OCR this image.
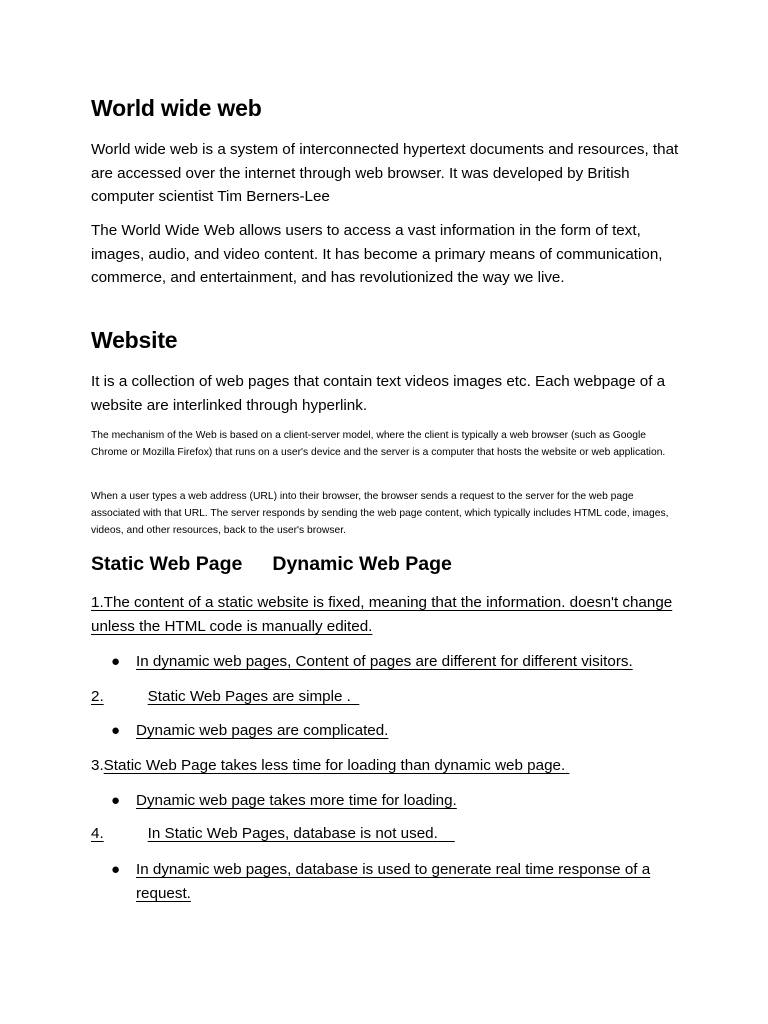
World wide web
World wide web is a system of interconnected hypertext documents and resources, that are accessed over the internet through web browser. It was developed by British computer scientist Tim Berners-Lee
The World Wide Web allows users to access a vast information in the form of text, images, audio, and video content. It has become a primary means of communication, commerce, and entertainment, and has revolutionized the way we live.
Website
It is a collection of web pages that contain text videos images etc. Each webpage of a website are interlinked through hyperlink.
The mechanism of the Web is based on a client-server model, where the client is typically a web browser (such as Google Chrome or Mozilla Firefox) that runs on a user's device and the server is a computer that hosts the website or web application.
When a user types a web address (URL) into their browser, the browser sends a request to the server for the web page associated with that URL. The server responds by sending the web page content, which typically includes HTML code, images, videos, and other resources, back to the user's browser.
Static Web Page Dynamic Web Page
1.The content of a static website is fixed, meaning that the information. doesn't change unless the HTML code is manually edited.
● In dynamic web pages, Content of pages are different for different visitors.
2.	Static Web Pages are simple .
● Dynamic web pages are complicated.
3.Static Web Page takes less time for loading than dynamic web page.
● Dynamic web page takes more time for loading.
4.	In Static Web Pages, database is not used.
● In dynamic web pages, database is used to generate real time response of a request.
